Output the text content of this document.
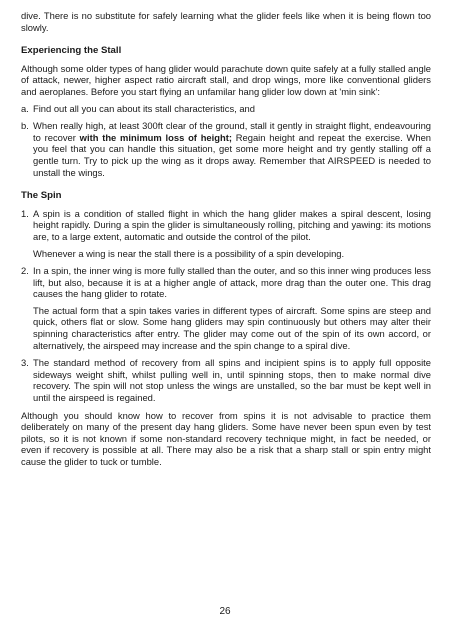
dive. There is no substitute for safely learning what the glider feels like when it is being flown too slowly.

Experiencing the Stall

Although some older types of hang glider would parachute down quite safely at a fully stalled angle of attack, newer, higher aspect ratio aircraft stall, and drop wings, more like conventional gliders and aeroplanes. Before you start flying an unfamilar hang glider low down at 'min sink':

a. Find out all you can about its stall characteristics, and
b. When really high, at least 300ft clear of the ground, stall it gently in straight flight, endeavouring to recover with the minimum loss of height; Regain height and repeat the exercise. When you feel that you can handle this situation, get some more height and try gently stalling off a gentle turn. Try to pick up the wing as it drops away. Remember that AIRSPEED is needed to unstall the wings.

The Spin

1. A spin is a condition of stalled flight in which the hang glider makes a spiral descent, losing height rapidly. During a spin the glider is simultaneously rolling, pitching and yawing: its motions are, to a large extent, automatic and outside the control of the pilot.

Whenever a wing is near the stall there is a possibility of a spin developing.

2. In a spin, the inner wing is more fully stalled than the outer, and so this inner wing produces less lift, but also, because it is at a higher angle of attack, more drag than the outer one. This drag causes the hang glider to rotate.

The actual form that a spin takes varies in different types of aircraft. Some spins are steep and quick, others flat or slow. Some hang gliders may spin continuously but others may alter their spinning characteristics after entry. The glider may come out of the spin of its own accord, or alternatively, the airspeed may increase and the spin change to a spiral dive.

3. The standard method of recovery from all spins and incipient spins is to apply full opposite sideways weight shift, whilst pulling well in, until spinning stops, then to make normal dive recovery. The spin will not stop unless the wings are unstalled, so the bar must be kept well in until the airspeed is regained.

Although you should know how to recover from spins it is not advisable to practice them deliberately on many of the present day hang gliders. Some have never been spun even by test pilots, so it is not known if some non-standard recovery technique might, in fact be needed, or even if recovery is possible at all. There may also be a risk that a sharp stall or spin entry might cause the glider to tuck or tumble.

26
